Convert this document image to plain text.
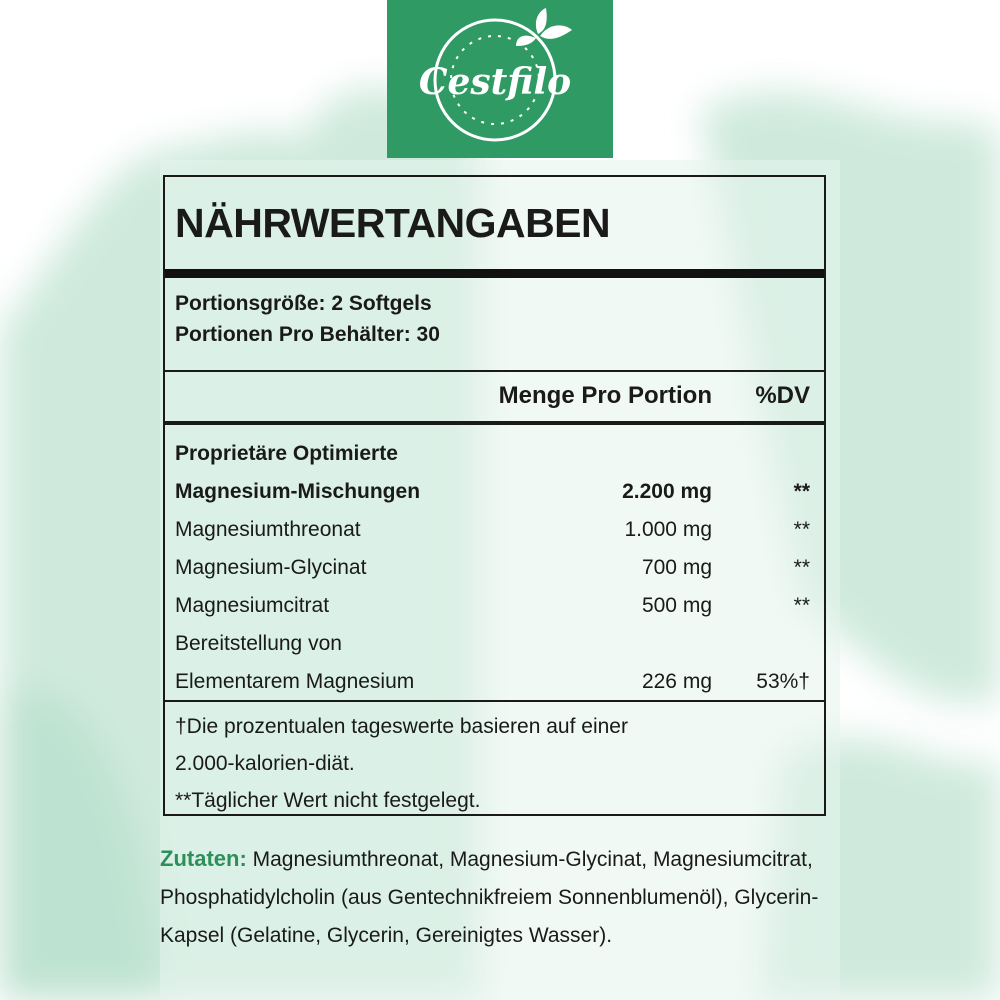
Cestfilo
NÄHRWERTANGABEN
Portionsgröße: 2 Softgels
Portionen Pro Behälter: 30
Menge Pro Portion %DV
Proprietäre Optimierte
Magnesium-Mischungen	2.200 mg	**
Magnesiumthreonat	1.000 mg	**
Magnesium-Glycinat	700 mg	**
Magnesiumcitrat	500 mg	**
Bereitstellung von
Elementarem Magnesium	226 mg 53%†
†Die prozentualen tageswerte basieren auf einer
2.000-kalorien-diät.
**Täglicher Wert nicht festgelegt.
Zutaten: Magnesiumthreonat, Magnesium-Glycinat, Magnesiumcitrat, Phosphatidylcholin (aus Gentechnikfreiem Sonnenblumenöl), Glycerin-Kapsel (Gelatine, Glycerin, Gereinigtes Wasser).
